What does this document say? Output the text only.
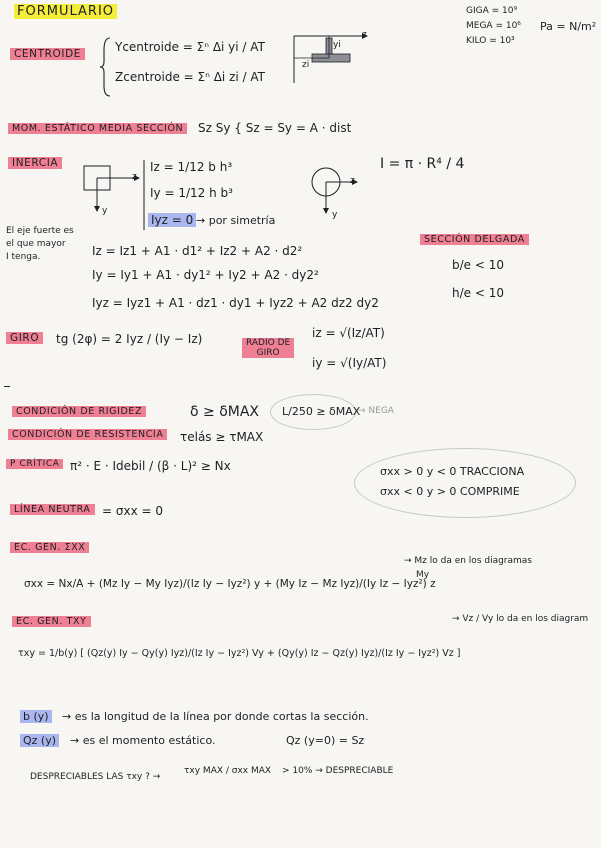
FORMULARIO	GIGA = 10⁹
MEGA = 10⁶
KILO = 10³
Pa = N/m²
CENTROIDE	Ycentroide = Σⁿ Δi yi / AT
Zcentroide = Σⁿ Δi zi / AT
z
yi
zi
MOM. ESTÁTICO MEDIA SECCIÓN	Sz Sy { Sz = Sy = A · dist
INERCIA
z
y
Iz = 1/12 b h³
Iy = 1/12 h b³
Iyz = 0 → por simetría
z
y
I = π · R⁴ / 4
El eje fuerte es
el que mayor
I tenga.	Iz = Iz1 + A1 · d1² + Iz2 + A2 · d2²
Iy = Iy1 + A1 · dy1² + Iy2 + A2 · dy2²
Iyz = Iyz1 + A1 · dz1 · dy1 + Iyz2 + A2 dz2 dy2
SECCIÓN DELGADA
b/e < 10
h/e < 10
GIRO	tg (2φ) = 2 Iyz / (Iy − Iz)	RADIO DE
GIRO
iz = √(Iz/AT)
iy = √(Iy/AT)
CONDICIÓN DE RIGIDEZ	δ ≥ δMAX L/250 ≥ δMAX
→ NEGA
CONDICIÓN DE RESISTENCIA	τelás ≥ τMAX
P CRÍTICA π² · E · Idebil / (β · L)² ≥ Nx	σxx > 0 y < 0 TRACCIONA
σxx < 0 y > 0 COMPRIME
LÍNEA NEUTRA = σxx = 0
EC. GEN. ΣXX
σxx = Nx/A + (Mz Iy − My Iyz)/(Iz Iy − Iyz²) y + (My Iz − Mz Iyz)/(Iy Iz − Iyz²) z
→ Mz lo da en los diagramas
My
EC. GEN. ΤXY	→ Vz / Vy lo da en los diagram
τxy = 1/b(y) [ (Qz(y) Iy − Qy(y) Iyz)/(Iz Iy − Iyz²) Vy + (Qy(y) Iz − Qz(y) Iyz)/(Iz Iy − Iyz²) Vz ]
b (y) → es la longitud de la línea por donde cortas la sección.
Qz (y) → es el momento estático.	Qz (y=0) = Sz
DESPRECIABLES LAS τxy ? →
τxy MAX / σxx MAX > 10% → DESPRECIABLE
